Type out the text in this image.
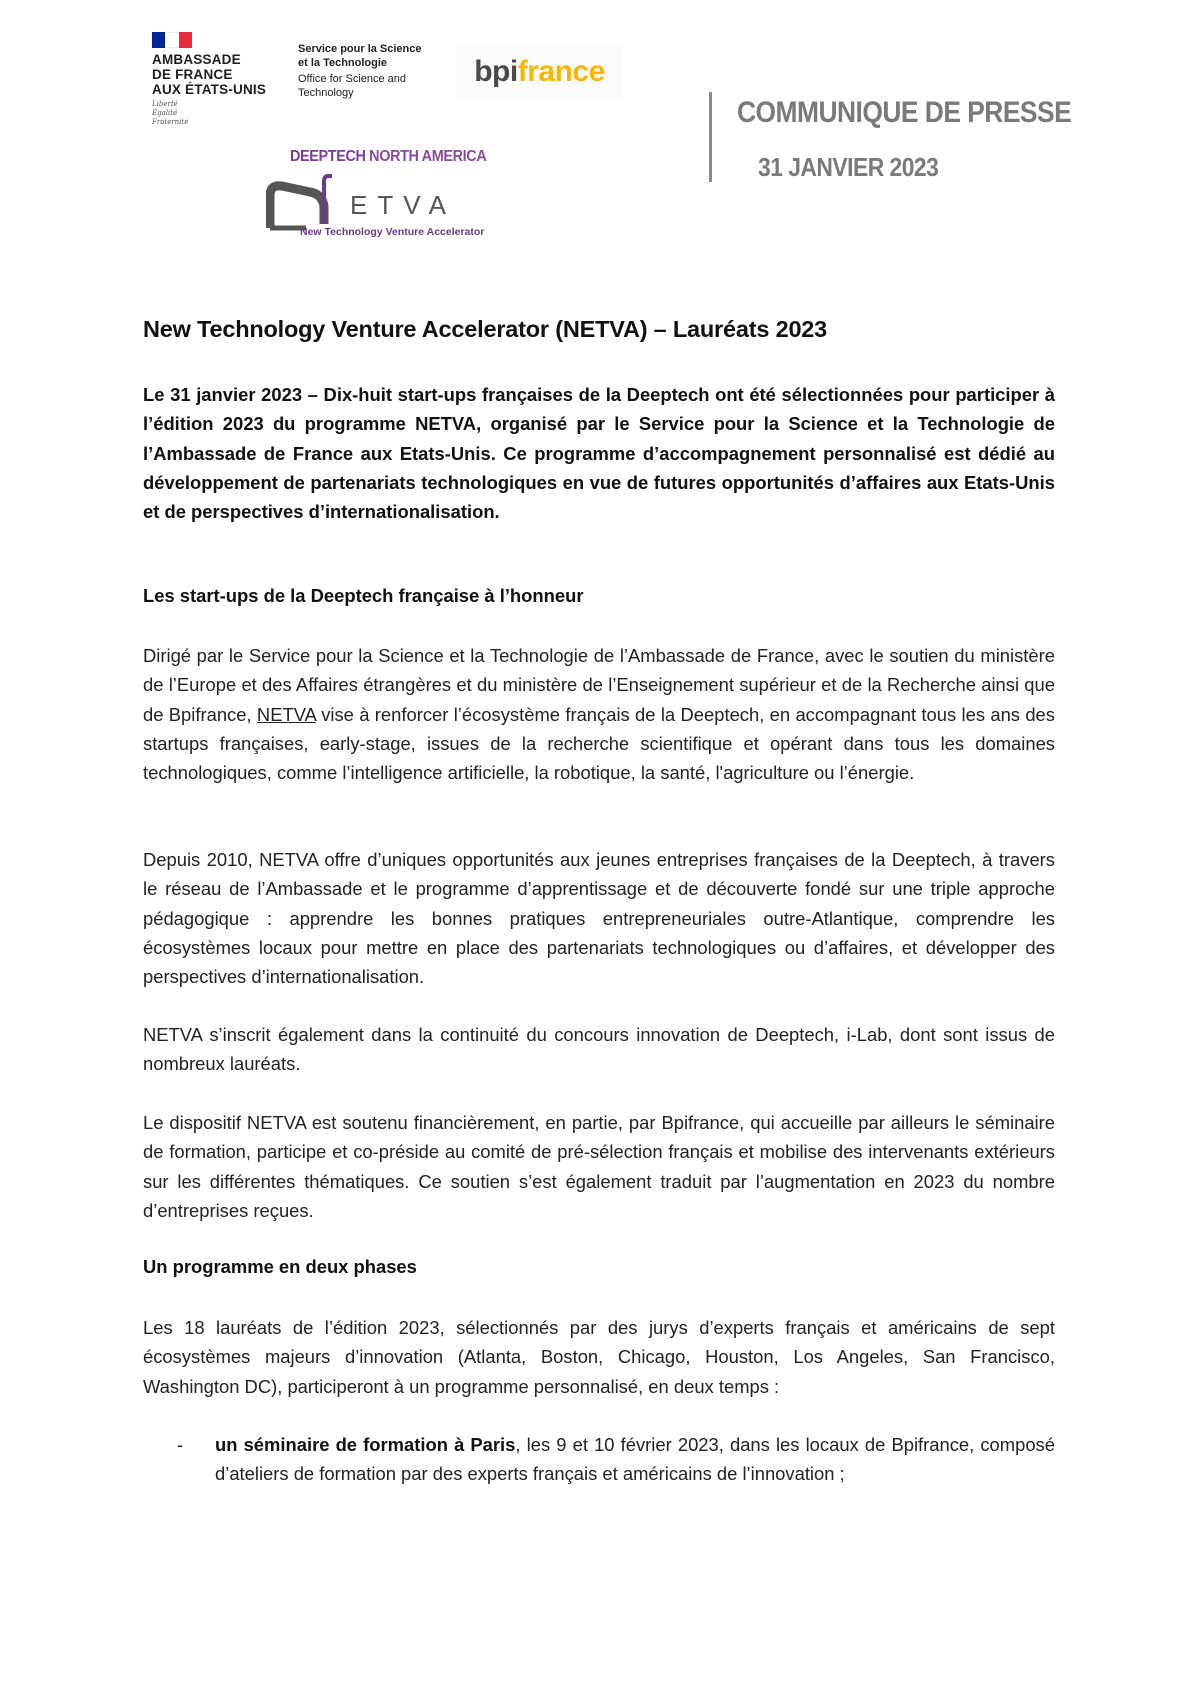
AMBASSADE
DE FRANCE
AUX ÉTATS-UNIS
Liberté
Égalité
Fraternité
Service pour la Science
et la Technologie
Office for Science and
Technology
bpifrance
COMMUNIQUE DE PRESSE
31 JANVIER 2023
DEEPTECH NORTH AMERICA
ETVA
New Technology Venture Accelerator
New Technology Venture Accelerator (NETVA) – Lauréats 2023
Le 31 janvier 2023 – Dix-huit start-ups françaises de la Deeptech ont été sélectionnées pour participer à l’édition 2023 du programme NETVA, organisé par le Service pour la Science et la Technologie de l’Ambassade de France aux Etats-Unis. Ce programme d’accompagnement personnalisé est dédié au développement de partenariats technologiques en vue de futures opportunités d’affaires aux Etats-Unis et de perspectives d’internationalisation.
Les start-ups de la Deeptech française à l’honneur
Dirigé par le Service pour la Science et la Technologie de l’Ambassade de France, avec le soutien du ministère de l’Europe et des Affaires étrangères et du ministère de l’Enseignement supérieur et de la Recherche ainsi que de Bpifrance, NETVA vise à renforcer l’écosystème français de la Deeptech, en accompagnant tous les ans des startups françaises, early-stage, issues de la recherche scientifique et opérant dans tous les domaines technologiques, comme l’intelligence artificielle, la robotique, la santé, l'agriculture ou l’énergie.
Depuis 2010, NETVA offre d’uniques opportunités aux jeunes entreprises françaises de la Deeptech, à travers le réseau de l’Ambassade et le programme d’apprentissage et de découverte fondé sur une triple approche pédagogique : apprendre les bonnes pratiques entrepreneuriales outre-Atlantique, comprendre les écosystèmes locaux pour mettre en place des partenariats technologiques ou d’affaires, et développer des perspectives d’internationalisation.
NETVA s’inscrit également dans la continuité du concours innovation de Deeptech, i-Lab, dont sont issus de nombreux lauréats.
Le dispositif NETVA est soutenu financièrement, en partie, par Bpifrance, qui accueille par ailleurs le séminaire de formation, participe et co-préside au comité de pré-sélection français et mobilise des intervenants extérieurs sur les différentes thématiques. Ce soutien s’est également traduit par l’augmentation en 2023 du nombre d’entreprises reçues.
Un programme en deux phases
Les 18 lauréats de l’édition 2023, sélectionnés par des jurys d’experts français et américains de sept écosystèmes majeurs d’innovation (Atlanta, Boston, Chicago, Houston, Los Angeles, San Francisco, Washington DC), participeront à un programme personnalisé, en deux temps :
- un séminaire de formation à Paris, les 9 et 10 février 2023, dans les locaux de Bpifrance, composé d’ateliers de formation par des experts français et américains de l’innovation ;
